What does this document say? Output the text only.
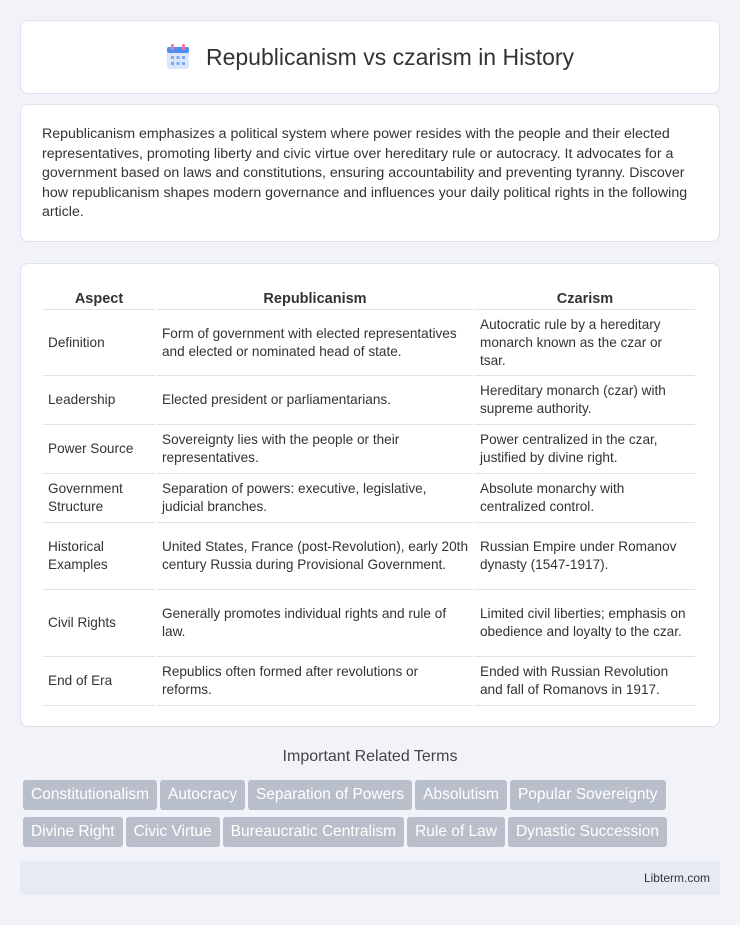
Republicanism vs czarism in History

Republicanism emphasizes a political system where power resides with the people and their elected representatives, promoting liberty and civic virtue over hereditary rule or autocracy. It advocates for a government based on laws and constitutions, ensuring accountability and preventing tyranny. Discover how republicanism shapes modern governance and influences your daily political rights in the following article.

Aspect	Republicanism	Czarism
Definition	Form of government with elected representatives and elected or nominated head of state.	Autocratic rule by a hereditary monarch known as the czar or tsar.
Leadership	Elected president or parliamentarians.	Hereditary monarch (czar) with supreme authority.
Power Source	Sovereignty lies with the people or their representatives.	Power centralized in the czar, justified by divine right.
Government Structure	Separation of powers: executive, legislative, judicial branches.	Absolute monarchy with centralized control.
Historical Examples	United States, France (post-Revolution), early 20th century Russia during Provisional Government.	Russian Empire under Romanov dynasty (1547-1917).
Civil Rights	Generally promotes individual rights and rule of law.	Limited civil liberties; emphasis on obedience and loyalty to the czar.
End of Era	Republics often formed after revolutions or reforms.	Ended with Russian Revolution and fall of Romanovs in 1917.
Important Related Terms
Constitutionalism Autocracy Separation of Powers Absolutism Popular Sovereignty
Divine Right Civic Virtue Bureaucratic Centralism Rule of Law Dynastic Succession
Libterm.com
